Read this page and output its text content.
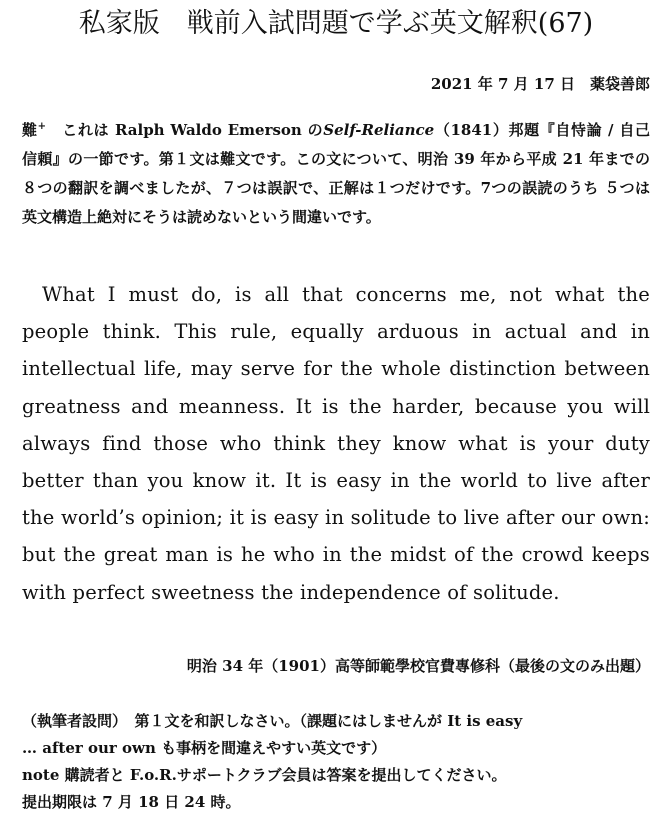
私家版　戦前入試問題で学ぶ英文解釈(67)
2021 年 7 月 17 日　薬袋善郎
難+　これは Ralph Waldo Emerson のSelf-Reliance（1841）邦題『自恃論 / 自己信頼』の一節です。第１文は難文です。この文について、明治 39 年から平成 21 年までの ８つの翻訳を調べましたが、７つは誤訳で、正解は１つだけです。7つの誤読のうち ５つは英文構造上絶対にそうは読めないという間違いです。
What I must do, is all that concerns me, not what the people think. This rule, equally arduous in actual and in intellectual life, may serve for the whole distinction between greatness and meanness. It is the harder, because you will always find those who think they know what is your duty better than you know it. It is easy in the world to live after the world’s opinion; it is easy in solitude to live after our own: but the great man is he who in the midst of the crowd keeps with perfect sweetness the independence of solitude.
明治 34 年（1901）高等師範學校官費專修科（最後の文のみ出題）
（執筆者設問）　第１文を和訳しなさい。（課題にはしませんが It is easy
… after our own も事柄を間違えやすい英文です）
note 購読者と F.o.R.サポートクラブ会員は答案を提出してください。
提出期限は 7 月 18 日 24 時。
